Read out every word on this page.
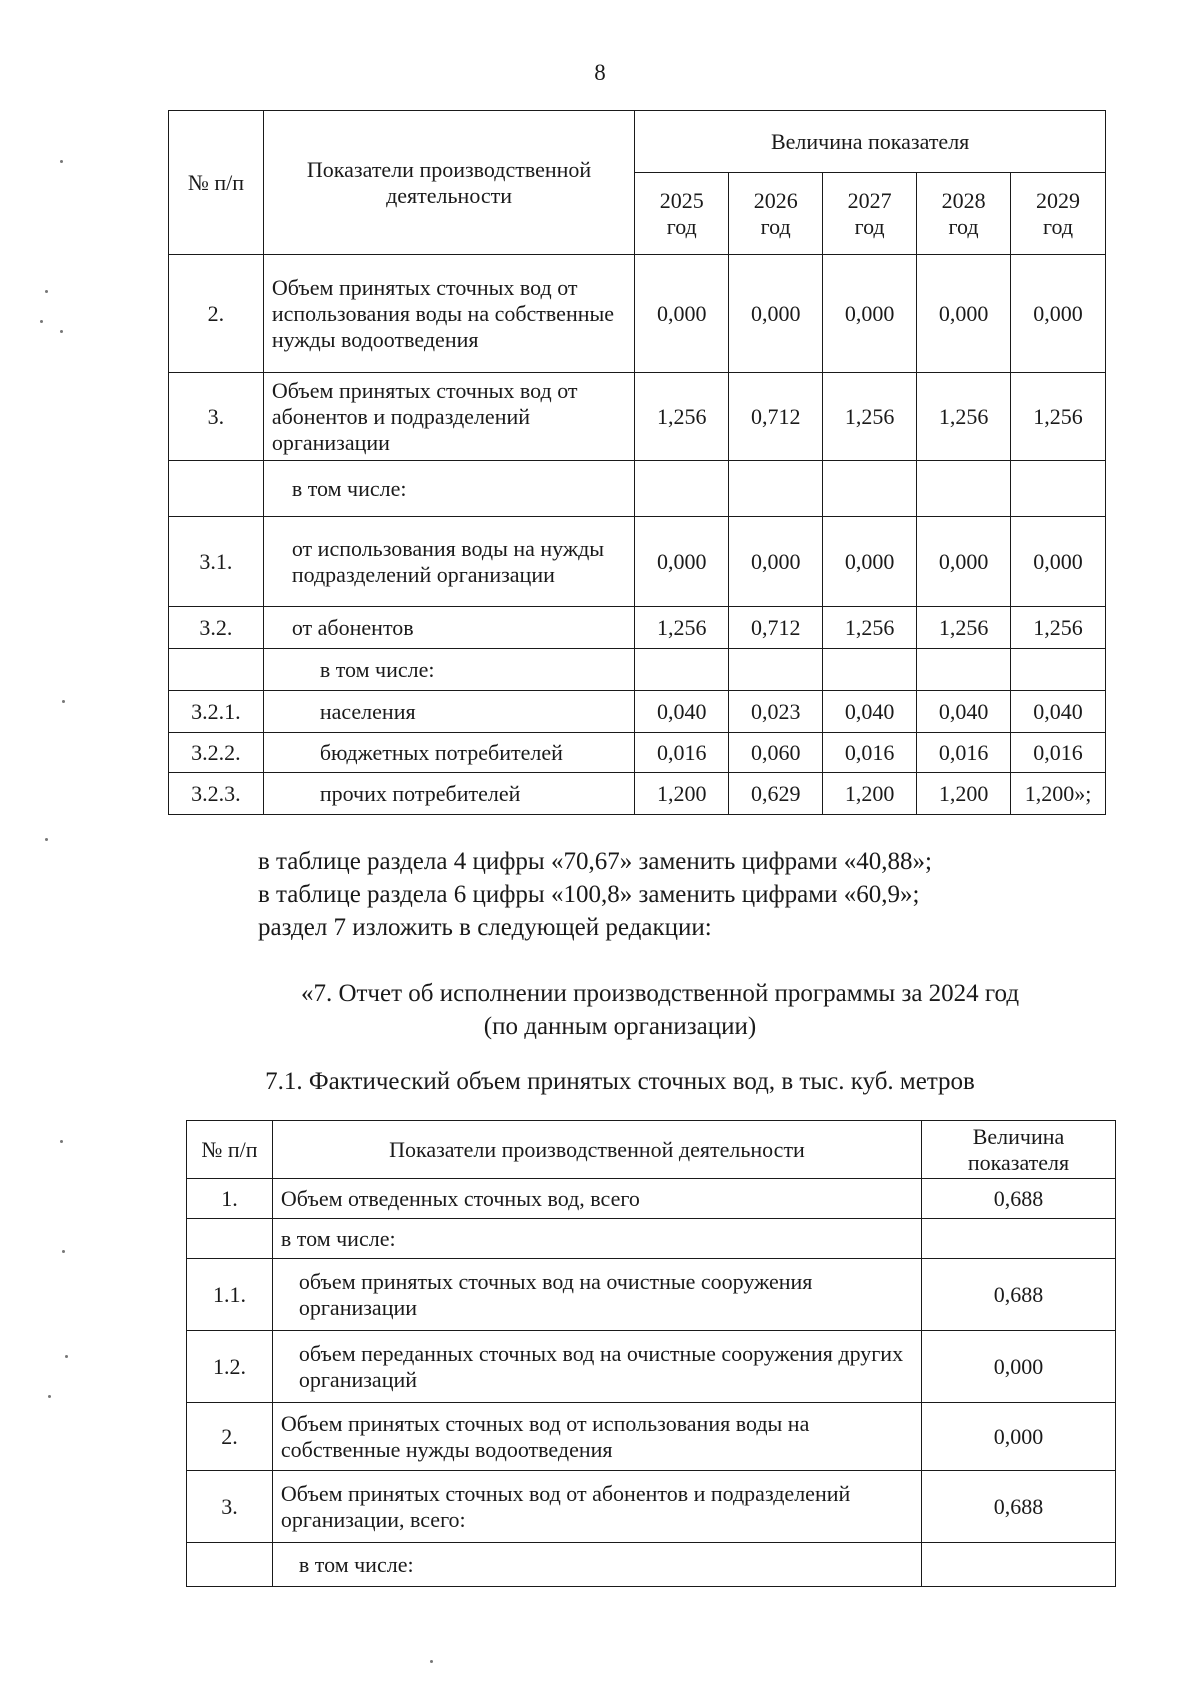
8
№ п/п	Показатели производственной деятельности	Величина показателя				
		2025 год	2026 год	2027 год	2028 год	2029 год
2.	Объем принятых сточных вод от использования воды на собственные нужды водоотведения	0,000	0,000	0,000	0,000	0,000
3.	Объем принятых сточных вод от абонентов и подразделений организации	1,256	0,712	1,256	1,256	1,256
	в том числе:					
3.1.	от использования воды на нужды подразделений организации	0,000	0,000	0,000	0,000	0,000
3.2.	от абонентов	1,256	0,712	1,256	1,256	1,256
	в том числе:					
3.2.1.	населения	0,040	0,023	0,040	0,040	0,040
3.2.2.	бюджетных потребителей	0,016	0,060	0,016	0,016	0,016
3.2.3.	прочих потребителей	1,200	0,629	1,200	1,200	1,200»;
в таблице раздела 4 цифры «70,67» заменить цифрами «40,88»;
в таблице раздела 6 цифры «100,8» заменить цифрами «60,9»;
раздел 7 изложить в следующей редакции:
«7. Отчет об исполнении производственной программы за 2024 год
(по данным организации)
7.1. Фактический объем принятых сточных вод, в тыс. куб. метров
№ п/п	Показатели производственной деятельности	Величина показателя
1.	Объем отведенных сточных вод, всего	0,688
	в том числе:	
1.1.	объем принятых сточных вод на очистные сооружения организации	0,688
1.2.	объем переданных сточных вод на очистные сооружения других организаций	0,000
2.	Объем принятых сточных вод от использования воды на собственные нужды водоотведения	0,000
3.	Объем принятых сточных вод от абонентов и подразделений организации, всего:	0,688
	в том числе:	
